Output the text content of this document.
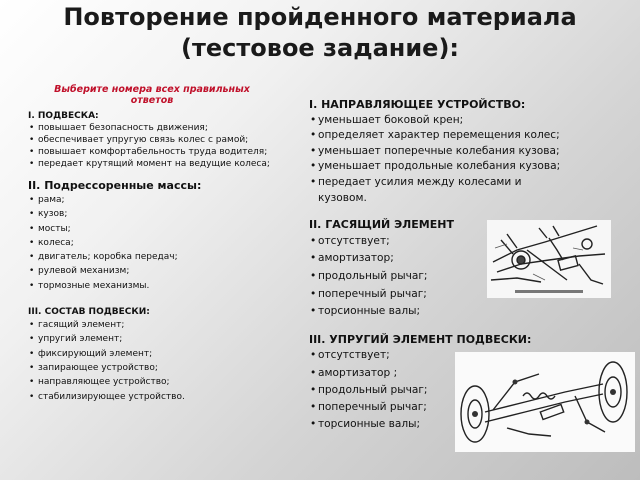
Повторение пройденного материала (тестовое задание):
Выберите номера всех правильных ответов
I. ПОДВЕСКА:
• повышает безопасность движения;
• обеспечивает упругую связь колес с рамой;
• повышает комфортабельность труда водителя;
• передает крутящий момент на ведущие колеса;
II. Подрессоренные массы:
• рама;
• кузов;
• мосты;
• колеса;
• двигатель; коробка передач;
• рулевой механизм;
• тормозные механизмы.
III. СОСТАВ ПОДВЕСКИ:
• гасящий элемент;
• упругий элемент;
• фиксирующий элемент;
• запирающее устройство;
• направляющее устройство;
• стабилизирующее устройство.
I. НАПРАВЛЯЮЩЕЕ УСТРОЙСТВО:
• уменьшает боковой крен;
• определяет характер перемещения колес;
• уменьшает поперечные колебания кузова;
• уменьшает продольные колебания кузова;
• передает усилия между колесами и кузовом.
II. ГАСЯЩИЙ ЭЛЕМЕНТ
• отсутствует;
• амортизатор;
• продольный рычаг;
• поперечный рычаг;
• торсионные валы;
III. УПРУГИЙ ЭЛЕМЕНТ ПОДВЕСКИ:
• отсутствует;
• амортизатор ;
• продольный рычаг;
• поперечный рычаг;
• торсионные валы;
